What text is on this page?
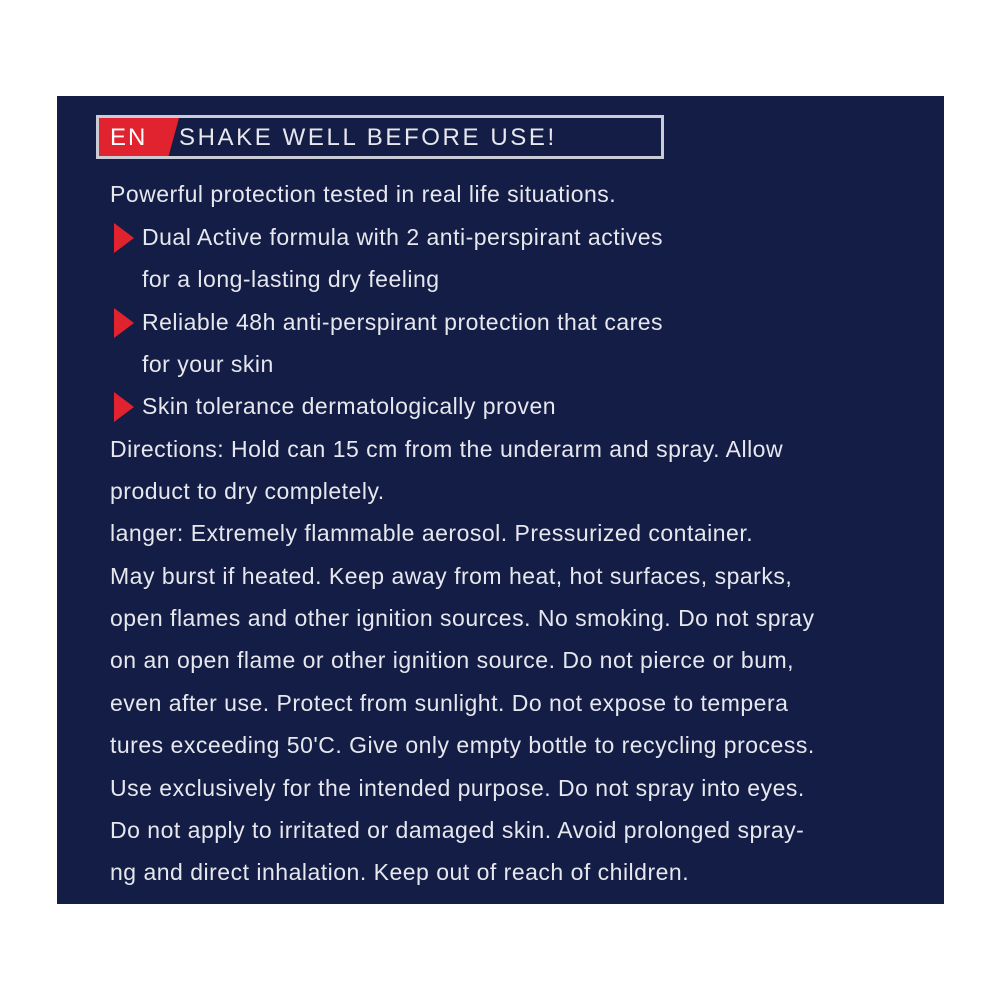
EN SHAKE WELL BEFORE USE!
Powerful protection tested in real life situations.
Dual Active formula with 2 anti-perspirant actives
for a long-lasting dry feeling
Reliable 48h anti-perspirant protection that cares
for your skin
Skin tolerance dermatologically proven
Directions: Hold can 15 cm from the underarm and spray. Allow
product to dry completely.
langer: Extremely flammable aerosol. Pressurized container.
May burst if heated. Keep away from heat, hot surfaces, sparks,
open flames and other ignition sources. No smoking. Do not spray
on an open flame or other ignition source. Do not pierce or bum,
even after use. Protect from sunlight. Do not expose to tempera
tures exceeding 50'C. Give only empty bottle to recycling process.
Use exclusively for the intended purpose. Do not spray into eyes.
Do not apply to irritated or damaged skin. Avoid prolonged spray-
ng and direct inhalation. Keep out of reach of children.
